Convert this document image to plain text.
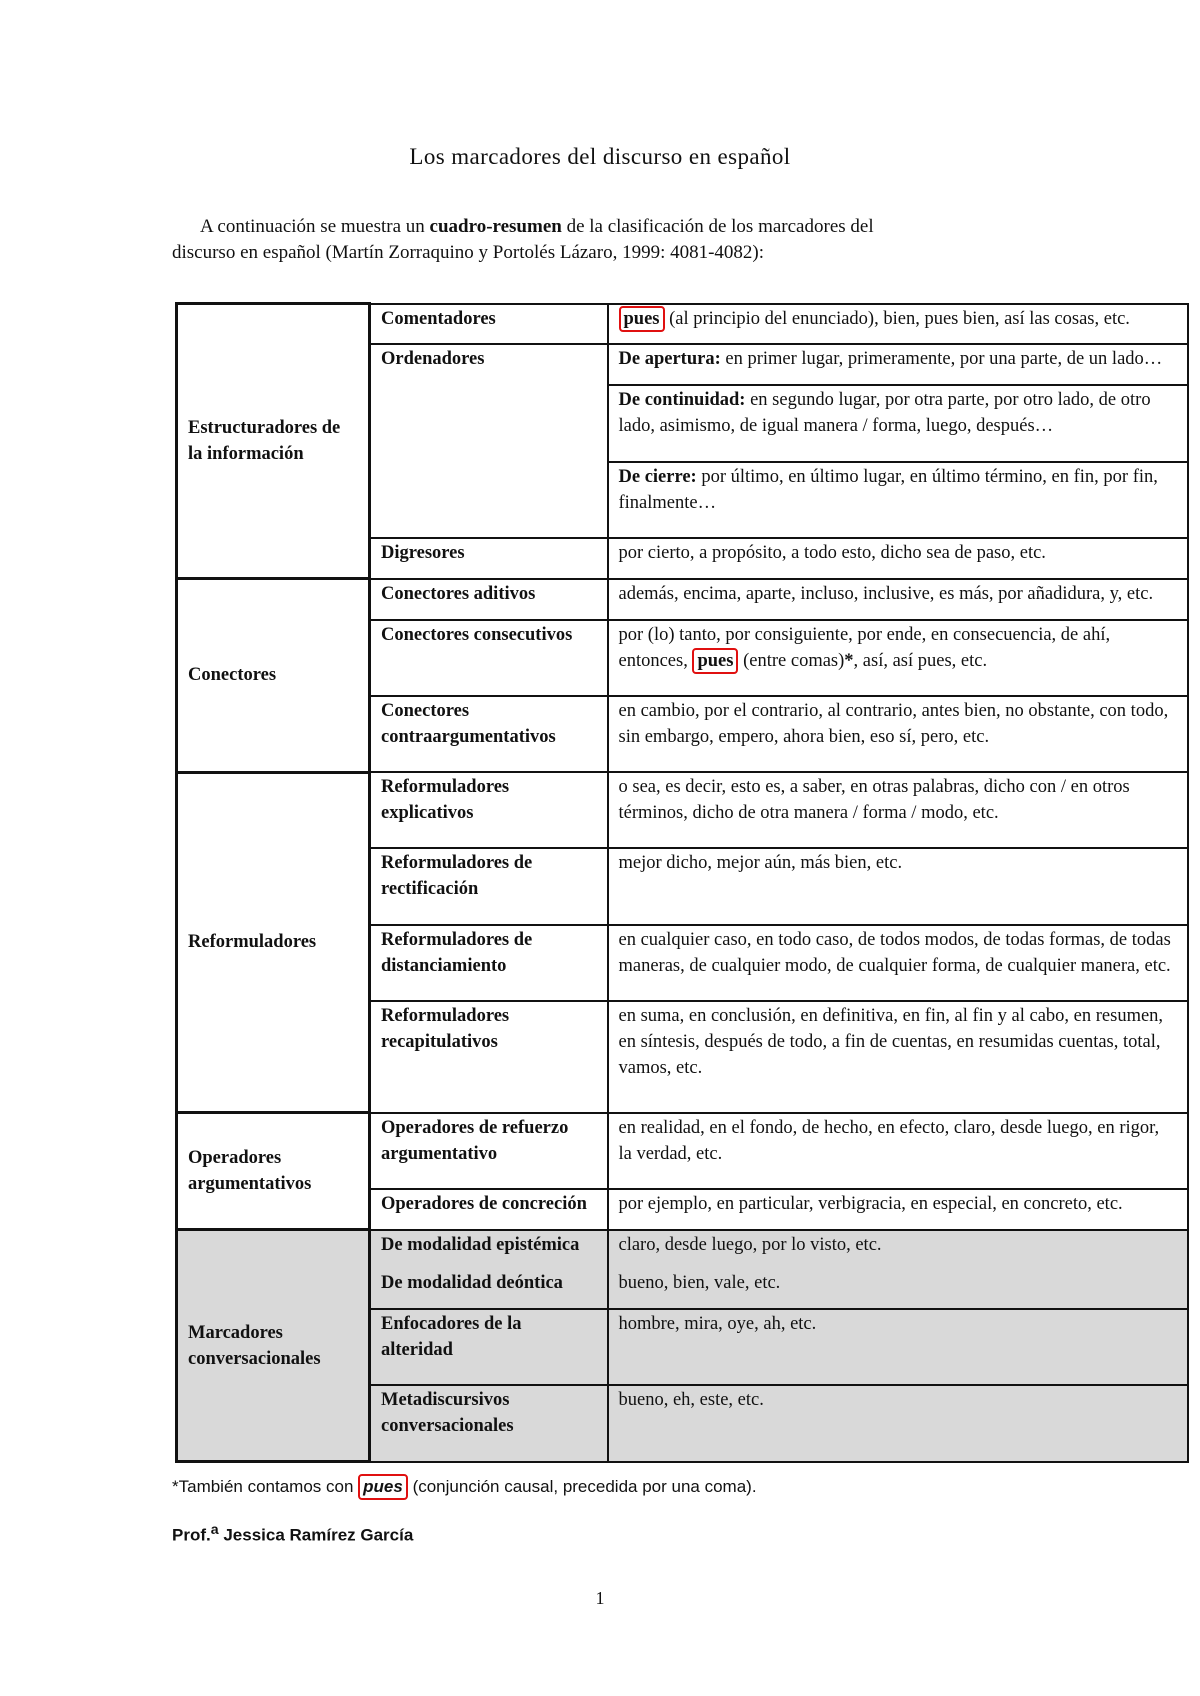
Los marcadores del discurso en español
A continuación se muestra un cuadro-resumen de la clasificación de los marcadores del
discurso en español (Martín Zorraquino y Portolés Lázaro, 1999: 4081-4082):
Estructuradores de la información	Comentadores	pues (al principio del enunciado), bien, pues bien, así las cosas, etc.
	Ordenadores	De apertura: en primer lugar, primeramente, por una parte, de un lado…
		De continuidad: en segundo lugar, por otra parte, por otro lado, de otro lado, asimismo, de igual manera / forma, luego, después…
		De cierre: por último, en último lugar, en último término, en fin, por fin, finalmente…
	Digresores	por cierto, a propósito, a todo esto, dicho sea de paso, etc.
Conectores	Conectores aditivos	además, encima, aparte, incluso, inclusive, es más, por añadidura, y, etc.
	Conectores consecutivos	por (lo) tanto, por consiguiente, por ende, en consecuencia, de ahí, entonces, pues (entre comas)*, así, así pues, etc.
	Conectores contraargumentativos	en cambio, por el contrario, al contrario, antes bien, no obstante, con todo, sin embargo, empero, ahora bien, eso sí, pero, etc.
Reformuladores	Reformuladores explicativos	o sea, es decir, esto es, a saber, en otras palabras, dicho con / en otros términos, dicho de otra manera / forma / modo, etc.
	Reformuladores de rectificación	mejor dicho, mejor aún, más bien, etc.
	Reformuladores de distanciamiento	en cualquier caso, en todo caso, de todos modos, de todas formas, de todas maneras, de cualquier modo, de cualquier forma, de cualquier manera, etc.
	Reformuladores recapitulativos	en suma, en conclusión, en definitiva, en fin, al fin y al cabo, en resumen, en síntesis, después de todo, a fin de cuentas, en resumidas cuentas, total, vamos, etc.
Operadores argumentativos	Operadores de refuerzo argumentativo	en realidad, en el fondo, de hecho, en efecto, claro, desde luego, en rigor, la verdad, etc.
	Operadores de concreción	por ejemplo, en particular, verbigracia, en especial, en concreto, etc.
Marcadores conversacionales	De modalidad epistémica	claro, desde luego, por lo visto, etc.
	De modalidad deóntica	bueno, bien, vale, etc.
	Enfocadores de la alteridad	hombre, mira, oye, ah, etc.
	Metadiscursivos conversacionales	bueno, eh, este, etc.
*También contamos con pues (conjunción causal, precedida por una coma).
Prof.$^a$ Jessica Ramírez García
1
